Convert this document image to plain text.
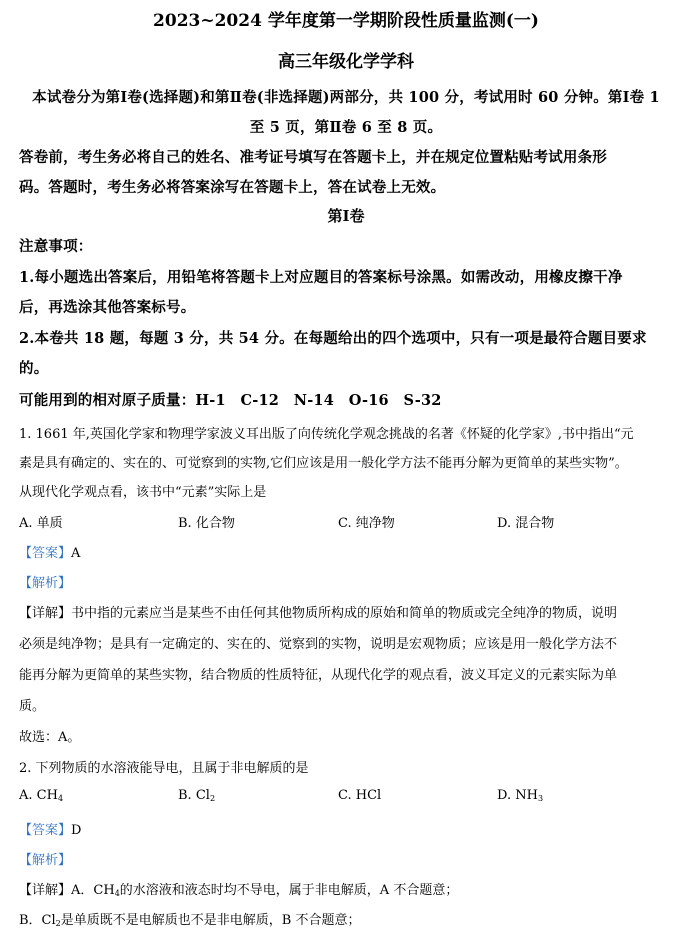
2023~2024 学年度第一学期阶段性质量监测(一)
高三年级化学学科
本试卷分为第Ⅰ卷(选择题)和第Ⅱ卷(非选择题)两部分，共 100 分，考试用时 60 分钟。第Ⅰ卷 1
至 5 页，第Ⅱ卷 6 至 8 页。
答卷前，考生务必将自己的姓名、准考证号填写在答题卡上，并在规定位置粘贴考试用条形
码。答题时，考生务必将答案涂写在答题卡上，答在试卷上无效。
第Ⅰ卷
注意事项：
1.每小题选出答案后，用铅笔将答题卡上对应题目的答案标号涂黑。如需改动，用橡皮擦干净
后，再选涂其他答案标号。
2.本卷共 18 题，每题 3 分，共 54 分。在每题给出的四个选项中，只有一项是最符合题目要求
的。
可能用到的相对原子质量：H-1　C-12　N-14　O-16　S-32
1. 1661 年,英国化学家和物理学家波义耳出版了向传统化学观念挑战的名著《怀疑的化学家》,书中指出“元
素是具有确定的、实在的、可觉察到的实物,它们应该是用一般化学方法不能再分解为更简单的某些实物”。
从现代化学观点看，该书中“元素”实际上是
A. 单质	B. 化合物	C. 纯净物	D. 混合物
【答案】A
【解析】
【详解】书中指的元素应当是某些不由任何其他物质所构成的原始和简单的物质或完全纯净的物质，说明
必须是纯净物；是具有一定确定的、实在的、觉察到的实物，说明是宏观物质；应该是用一般化学方法不
能再分解为更简单的某些实物，结合物质的性质特征，从现代化学的观点看，波义耳定义的元素实际为单
质。
故选：A。
2. 下列物质的水溶液能导电，且属于非电解质的是
A. $CH_4$	B. $Cl_2$	C. HCl	D. $NH_3$
【答案】D
【解析】
【详解】A．$CH_4$的水溶液和液态时均不导电，属于非电解质，A 不合题意；
B．$Cl_2$是单质既不是电解质也不是非电解质，B 不合题意；
